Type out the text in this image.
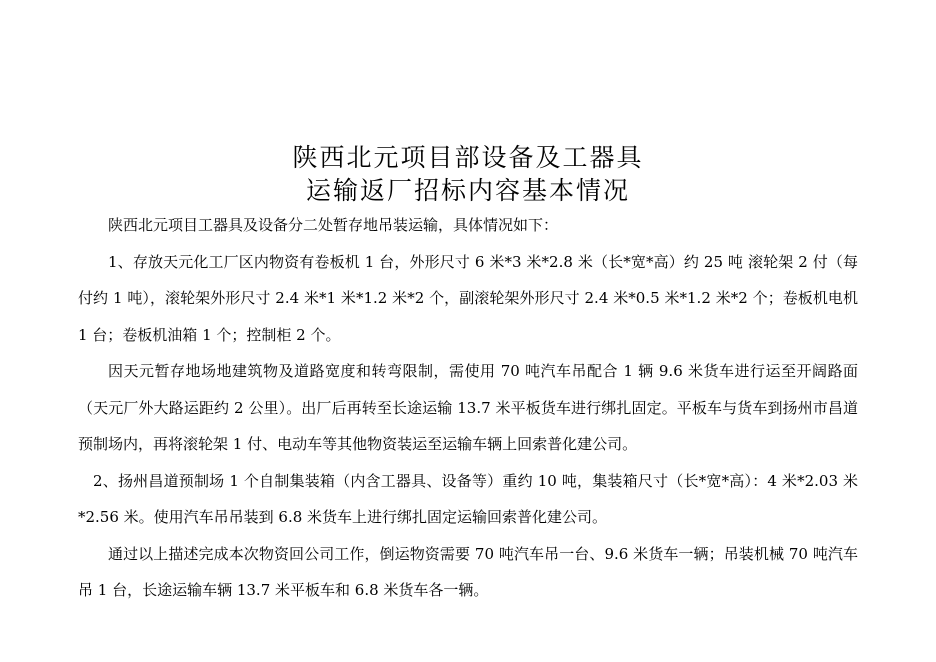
陕西北元项目部设备及工器具
运输返厂招标内容基本情况

陕西北元项目工器具及设备分二处暂存地吊装运输，具体情况如下：

1、存放天元化工厂区内物资有卷板机 1 台，外形尺寸 6 米*3 米*2.8 米（长*宽*高）约 25 吨 滚轮架 2 付（每付约 1 吨），滚轮架外形尺寸 2.4 米*1 米*1.2 米*2 个，副滚轮架外形尺寸 2.4 米*0.5 米*1.2 米*2 个；卷板机电机 1 台；卷板机油箱 1 个；控制柜 2 个。

因天元暂存地场地建筑物及道路宽度和转弯限制，需使用 70 吨汽车吊配合 1 辆 9.6 米货车进行运至开阔路面（天元厂外大路运距约 2 公里）。出厂后再转至长途运输 13.7 米平板货车进行绑扎固定。平板车与货车到扬州市昌道预制场内，再将滚轮架 1 付、电动车等其他物资装运至运输车辆上回索普化建公司。

2、扬州昌道预制场 1 个自制集装箱（内含工器具、设备等）重约 10 吨，集装箱尺寸（长*宽*高）：4 米*2.03 米*2.56 米。使用汽车吊吊装到 6.8 米货车上进行绑扎固定运输回索普化建公司。

通过以上描述完成本次物资回公司工作，倒运物资需要 70 吨汽车吊一台、9.6 米货车一辆；吊装机械 70 吨汽车吊 1 台，长途运输车辆 13.7 米平板车和 6.8 米货车各一辆。
